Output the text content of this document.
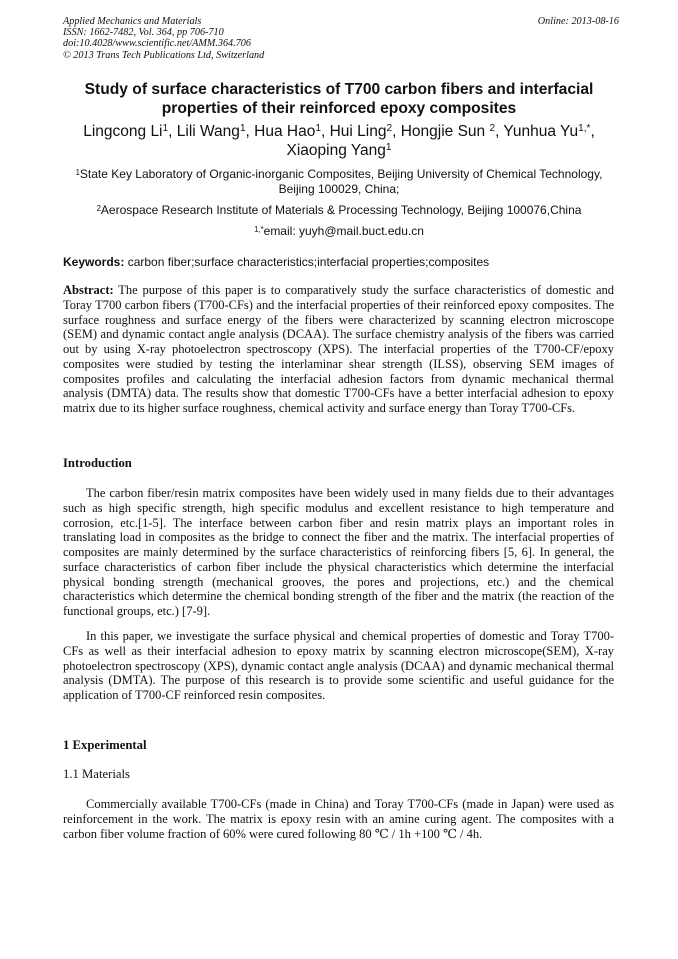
Applied Mechanics and Materials
ISSN: 1662-7482, Vol. 364, pp 706-710
doi:10.4028/www.scientific.net/AMM.364.706
© 2013 Trans Tech Publications Ltd, Switzerland
Online: 2013-08-16
Study of surface characteristics of T700 carbon fibers and interfacial properties of their reinforced epoxy composites
Lingcong Li$^1$, Lili Wang$^1$, Hua Hao$^1$, Hui Ling$^2$, Hongjie Sun $^2$, Yunhua $Yu^{1,*}$,
Xiaoping Yang$^1$
$^1$State Key Laboratory of Organic-inorganic Composites, Beijing University of Chemical Technology, Beijing 100029, China;
$^2$Aerospace Research Institute of Materials & Processing Technology, Beijing 100076,China
$^{1,*}$email: yuyh@mail.buct.edu.cn
Keywords: carbon fiber;surface characteristics;interfacial properties;composites
Abstract: The purpose of this paper is to comparatively study the surface characteristics of domestic and Toray T700 carbon fibers (T700-CFs) and the interfacial properties of their reinforced epoxy composites. The surface roughness and surface energy of the fibers were characterized by scanning electron microscope (SEM) and dynamic contact angle analysis (DCAA). The surface chemistry analysis of the fibers was carried out by using X-ray photoelectron spectroscopy (XPS). The interfacial properties of the T700-CF/epoxy composites were studied by testing the interlaminar shear strength (ILSS), observing SEM images of composites profiles and calculating the interfacial adhesion factors from dynamic mechanical thermal analysis (DMTA) data. The results show that domestic T700-CFs have a better interfacial adhesion to epoxy matrix due to its higher surface roughness, chemical activity and surface energy than Toray T700-CFs.
Introduction
The carbon fiber/resin matrix composites have been widely used in many fields due to their advantages such as high specific strength, high specific modulus and excellent resistance to high temperature and corrosion, etc.[1-5]. The interface between carbon fiber and resin matrix plays an important roles in translating load in composites as the bridge to connect the fiber and the matrix. The interfacial properties of composites are mainly determined by the surface characteristics of reinforcing fibers [5, 6]. In general, the surface characteristics of carbon fiber include the physical characteristics which determine the interfacial physical bonding strength (mechanical grooves, the pores and projections, etc.) and the chemical characteristics which determine the chemical bonding strength of the fiber and the matrix (the reaction of the functional groups, etc.) [7-9].
In this paper, we investigate the surface physical and chemical properties of domestic and Toray T700-CFs as well as their interfacial adhesion to epoxy matrix by scanning electron microscope(SEM), X-ray photoelectron spectroscopy (XPS), dynamic contact angle analysis (DCAA) and dynamic mechanical thermal analysis (DMTA). The purpose of this research is to provide some scientific and useful guidance for the application of T700-CF reinforced resin composites.
1 Experimental
1.1 Materials
Commercially available T700-CFs (made in China) and Toray T700-CFs (made in Japan) were used as reinforcement in the work. The matrix is epoxy resin with an amine curing agent. The composites with a carbon fiber volume fraction of 60% were cured following 80 ℃ / 1h +100 ℃ / 4h.
